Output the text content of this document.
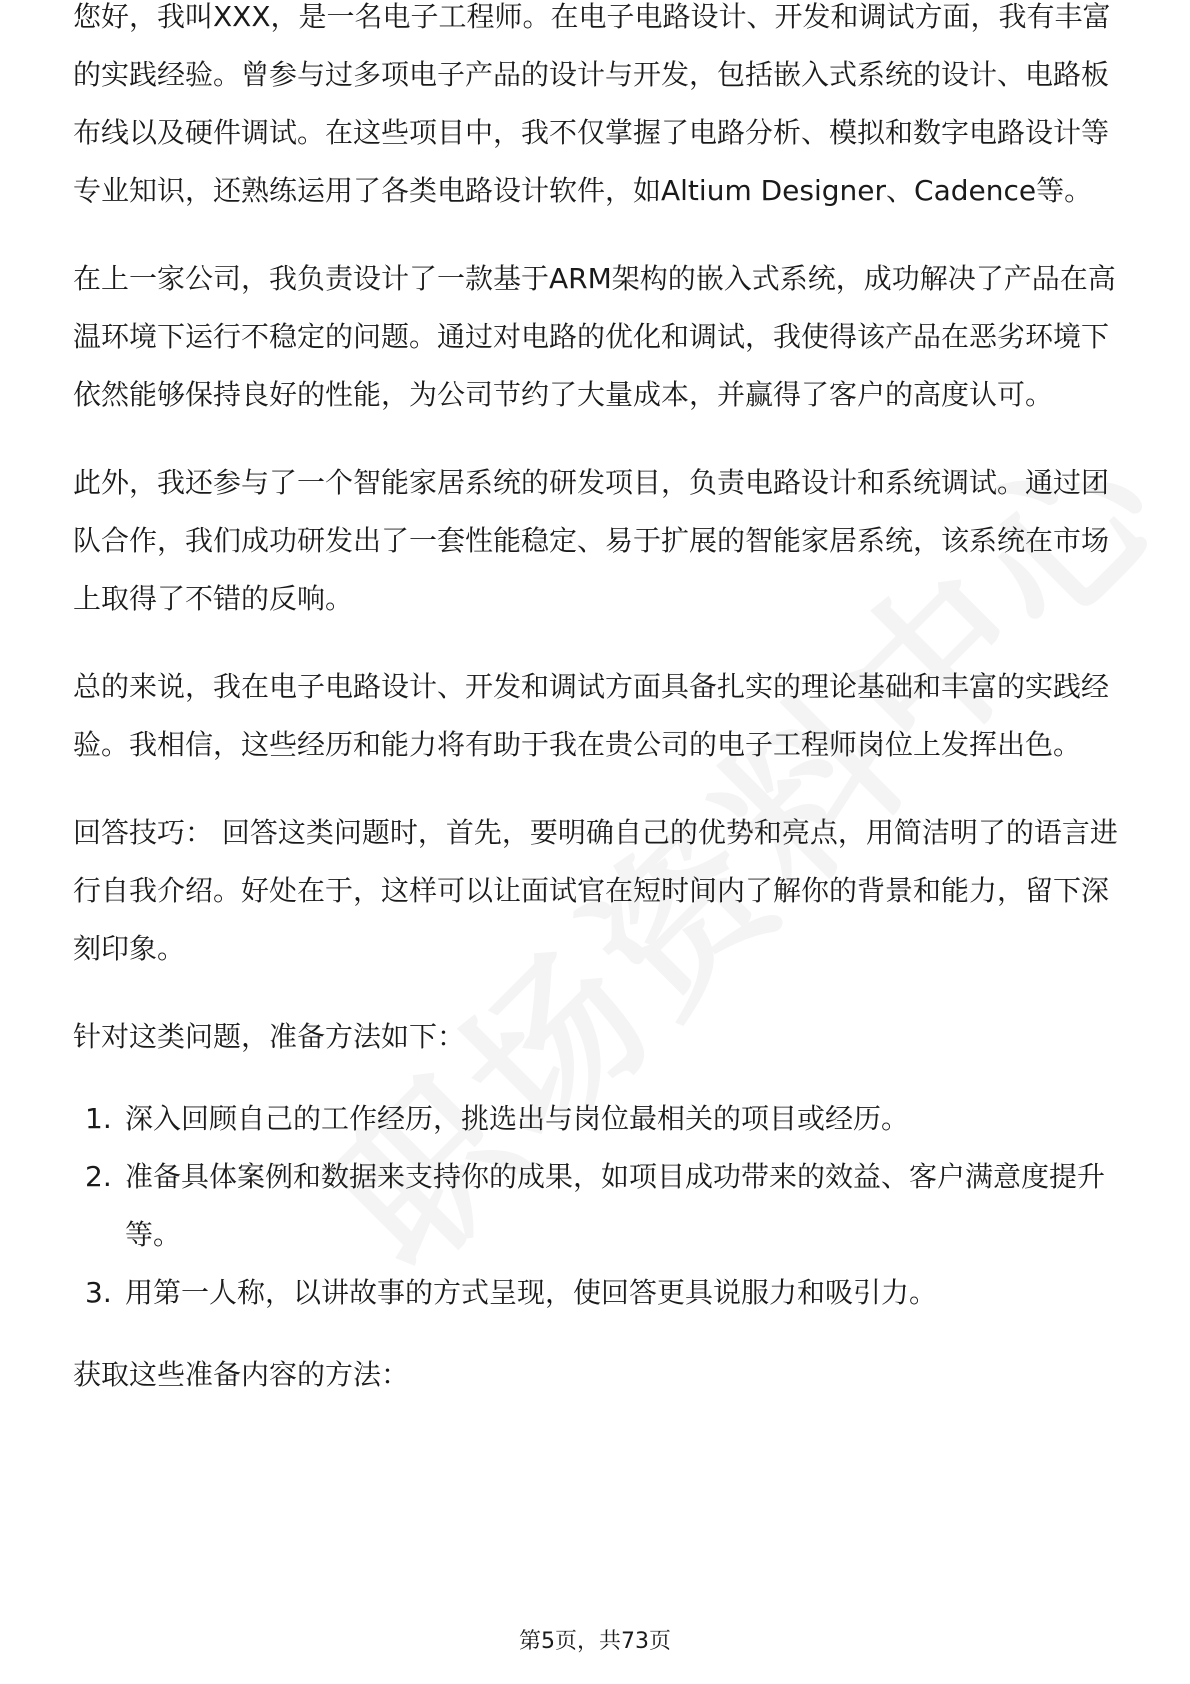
您好，我叫XXX，是一名电子工程师。在电子电路设计、开发和调试方面，我有丰富的实践经验。曾参与过多项电子产品的设计与开发，包括嵌入式系统的设计、电路板布线以及硬件调试。在这些项目中，我不仅掌握了电路分析、模拟和数字电路设计等专业知识，还熟练运用了各类电路设计软件，如Altium Designer、Cadence等。

在上一家公司，我负责设计了一款基于ARM架构的嵌入式系统，成功解决了产品在高温环境下运行不稳定的问题。通过对电路的优化和调试，我使得该产品在恶劣环境下依然能够保持良好的性能，为公司节约了大量成本，并赢得了客户的高度认可。

此外，我还参与了一个智能家居系统的研发项目，负责电路设计和系统调试。通过团队合作，我们成功研发出了一套性能稳定、易于扩展的智能家居系统，该系统在市场上取得了不错的反响。

总的来说，我在电子电路设计、开发和调试方面具备扎实的理论基础和丰富的实践经验。我相信，这些经历和能力将有助于我在贵公司的电子工程师岗位上发挥出色。

回答技巧： 回答这类问题时，首先，要明确自己的优势和亮点，用简洁明了的语言进行自我介绍。好处在于，这样可以让面试官在短时间内了解你的背景和能力，留下深刻印象。

针对这类问题，准备方法如下：

1. 深入回顾自己的工作经历，挑选出与岗位最相关的项目或经历。
2. 准备具体案例和数据来支持你的成果，如项目成功带来的效益、客户满意度提升等。
3. 用第一人称，以讲故事的方式呈现，使回答更具说服力和吸引力。

获取这些准备内容的方法：

第5页，共73页
